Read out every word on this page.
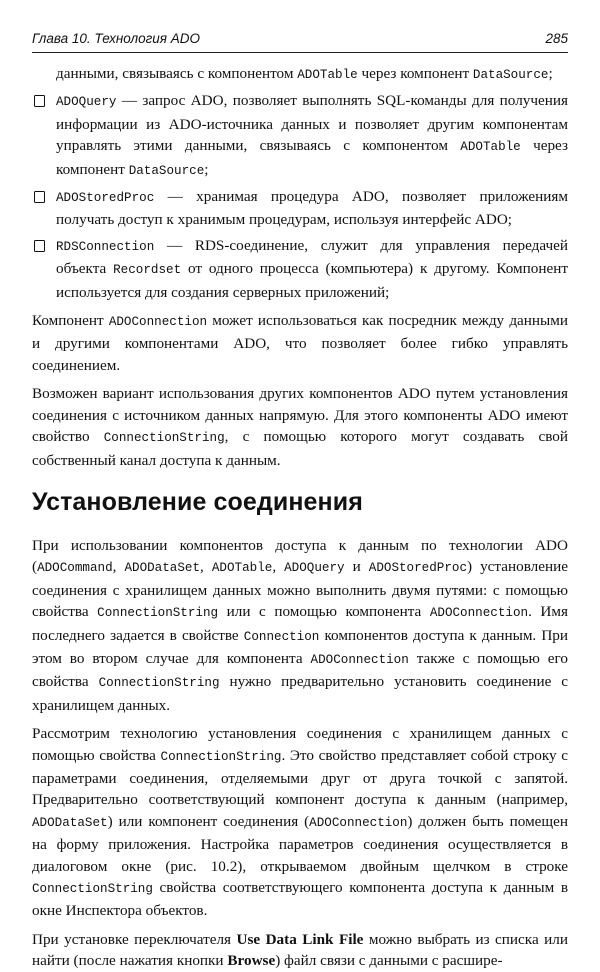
Глава 10. Технология ADO	285

данными, связываясь с компонентом ADOTable через компонент DataSource;

ADOQuery — запрос ADO, позволяет выполнять SQL-команды для получения информации из ADO-источника данных и позволяет другим компонентам управлять этими данными, связываясь с компонентом ADOTable через компонент DataSource;

ADOStoredProc — хранимая процедура ADO, позволяет приложениям получать доступ к хранимым процедурам, используя интерфейс ADO;

RDSConnection — RDS-соединение, служит для управления передачей объекта Recordset от одного процесса (компьютера) к другому. Компонент используется для создания серверных приложений;

Компонент ADOConnection может использоваться как посредник между данными и другими компонентами ADO, что позволяет более гибко управлять соединением.

Возможен вариант использования других компонентов ADO путем установления соединения с источником данных напрямую. Для этого компоненты ADO имеют свойство ConnectionString, с помощью которого могут создавать свой собственный канал доступа к данным.

Установление соединения

При использовании компонентов доступа к данным по технологии ADO (ADOCommand, ADODataSet, ADOTable, ADOQuery и ADOStoredProc) установление соединения с хранилищем данных можно выполнить двумя путями: с помощью свойства ConnectionString или с помощью компонента ADOConnection. Имя последнего задается в свойстве Connection компонентов доступа к данным. При этом во втором случае для компонента ADOConnection также с помощью его свойства ConnectionString нужно предварительно установить соединение с хранилищем данных.

Рассмотрим технологию установления соединения с хранилищем данных с помощью свойства ConnectionString. Это свойство представляет собой строку с параметрами соединения, отделяемыми друг от друга точкой с запятой. Предварительно соответствующий компонент доступа к данным (например, ADODataSet) или компонент соединения (ADOConnection) должен быть помещен на форму приложения. Настройка параметров соединения осуществляется в диалоговом окне (рис. 10.2), открываемом двойным щелчком в строке ConnectionString свойства соответствующего компонента доступа к данным в окне Инспектора объектов.

При установке переключателя Use Data Link File можно выбрать из списка или найти (после нажатия кнопки Browse) файл связи с данными с расшире-
